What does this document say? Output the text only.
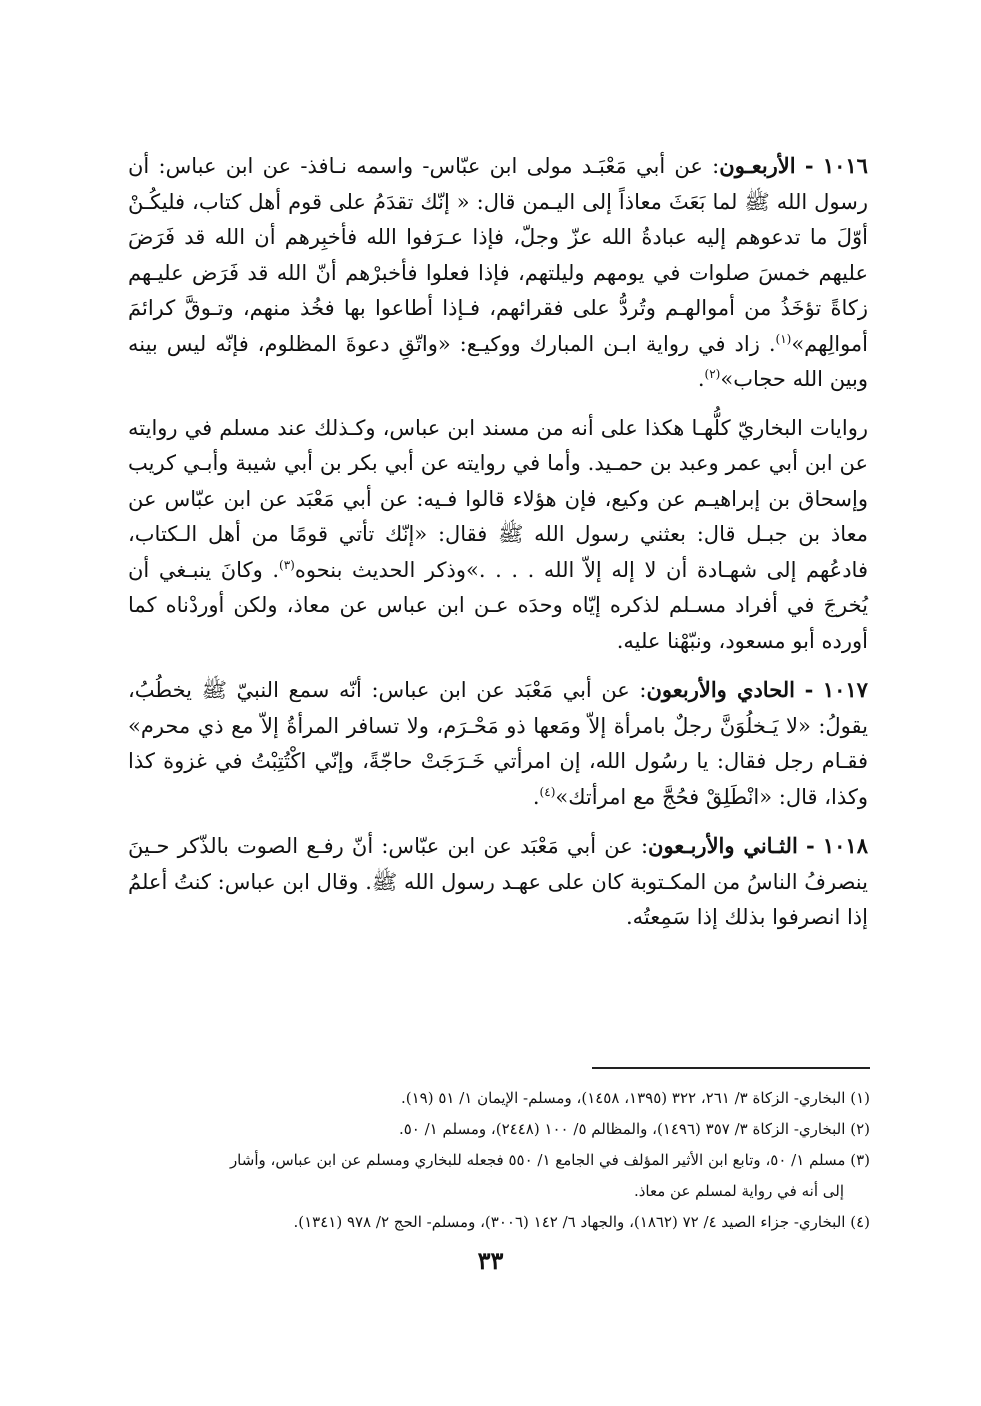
١٠١٦ - الأربعـون: عن أبي مَعْبَـد مولى ابن عبّاس- واسمه نـافذ- عن ابن عباس: أن رسول الله ﷺ لما بَعَثَ معاذاً إلى اليـمن قال: « إنّك تقدَمُ على قوم أهل كتاب، فليكُـنْ أوّلَ ما تدعوهم إليه عبادةُ الله عزّ وجلّ، فإذا عـرَفوا الله فأخبِرهم أن الله قد فَرَضَ عليهم خمسَ صلوات في يومهم وليلتهم، فإذا فعلوا فأخبرْهم أنّ الله قد فَرَض عليـهم زكاةً تؤخَذُ من أموالهـم وتُردُّ على فقرائهم، فـإذا أطاعوا بها فخُذ منهم، وتـوقَّ كرائمَ أموالِهم»$^{(١)}$. زاد في رواية ابـن المبارك ووكيـع: «واتّقِ دعوةَ المظلوم، فإنّه ليس بينه وبين الله حجاب»$^{(٢)}$.

روايات البخاريّ كلُّهـا هكذا على أنه من مسند ابن عباس، وكـذلك عند مسلم في روايته عن ابن أبي عمر وعبد بن حمـيد. وأما في روايته عن أبي بكر بن أبي شيبة وأبـي كريب وإسحاق بن إبراهيـم عن وكيع، فإن هؤلاء قالوا فـيه: عن أبي مَعْبَد عن ابن عبّاس عن معاذ بن جبـل قال: بعثني رسول الله ﷺ فقال: «إنّك تأتي قومًا من أهل الـكتاب، فادعُهم إلى شهـادة أن لا إله إلاّ الله . . . .»وذكر الحديث بنحوه$^{(٣)}$. وكانَ ينبـغي أن يُخرجَ في أفراد مسـلم لذكره إيّاه وحدَه عـن ابن عباس عن معاذ، ولكن أوردْناه كما أورده أبو مسعود، ونبّهْنا عليه.

١٠١٧ - الحادي والأربعون: عن أبي مَعْبَد عن ابن عباس: أنّه سمع النبيّ ﷺ يخطُبُ، يقولُ: «لا يَـخلُوَنَّ رجلٌ بامرأة إلاّ ومَعها ذو مَحْـرَم، ولا تسافر المرأةُ إلاّ مع ذي محرم» فقـام رجل فقال: يا رسُول الله، إن امرأتي خَـرَجَتْ حاجّةً، وإنّي اكْتُتِبْتُ في غزوة كذا وكذا، قال: «انْطَلِقْ فحُجَّ مع امرأتك»$^{(٤)}$.

١٠١٨ - الثـاني والأربـعون: عن أبي مَعْبَد عن ابن عبّاس: أنّ رفـع الصوت بالذّكر حـينَ ينصرفُ الناسُ من المكـتوبة كان على عهـد رسول الله ﷺ. وقال ابن عباس: كنتُ أعلمُ إذا انصرفوا بذلك إذا سَمِعتُه.

(١) البخاري- الزكاة ٣/ ٢٦١، ٣٢٢ (١٣٩٥، ١٤٥٨)، ومسلم- الإيمان ١/ ٥١ (١٩).

(٢) البخاري- الزكاة ٣/ ٣٥٧ (١٤٩٦)، والمظالم ٥/ ١٠٠ (٢٤٤٨)، ومسلم ١/ ٥٠.

(٣) مسلم ١/ ٥٠، وتابع ابن الأثير المؤلف في الجامع ١/ ٥٥٠ فجعله للبخاري ومسلم عن ابن عباس، وأشار
إلى أنه في رواية لمسلم عن معاذ.

(٤) البخاري- جزاء الصيد ٤/ ٧٢ (١٨٦٢)، والجهاد ٦/ ١٤٢ (٣٠٠٦)، ومسلم- الحج ٢/ ٩٧٨ (١٣٤١).

٣٣
